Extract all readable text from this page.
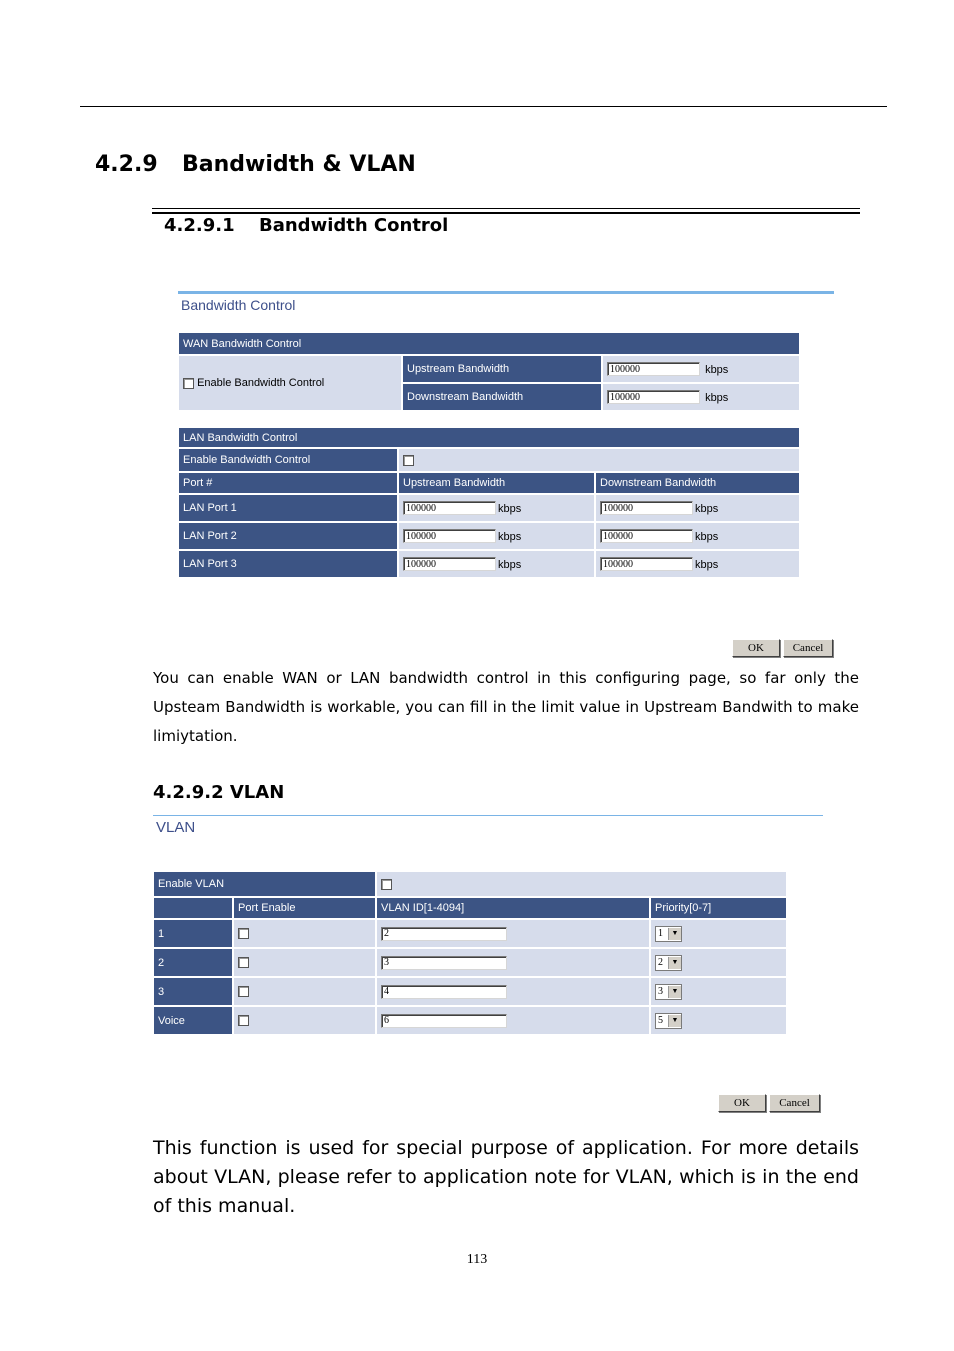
4.2.9 Bandwidth & VLAN
4.2.9.1 Bandwidth Control
Bandwidth Control
WAN Bandwidth Control		
Enable Bandwidth Control	Upstream Bandwidth	100000kbps
	Downstream Bandwidth	100000kbps
LAN Bandwidth Control		
Enable Bandwidth Control		
Port #	Upstream Bandwidth	Downstream Bandwidth
LAN Port 1	100000kbps	100000kbps
LAN Port 2	100000kbps	100000kbps
LAN Port 3	100000kbps	100000kbps
OK	Cancel
You can enable WAN or LAN bandwidth control in this configuring page, so far only the Upsteam Bandwidth is workable, you can fill in the limit value in Upstream Bandwith to make limiytation.
4.2.9.2 VLAN
VLAN
Enable VLAN			
	Port Enable	VLAN ID[1-4094]	Priority[0-7]
1		2	1 ▼

2		3	2 ▼

3		4	3 ▼

Voice		6	5 ▼
OK	Cancel
This function is used for special purpose of application. For more details about VLAN, please refer to application note for VLAN, which is in the end of this manual.
113
